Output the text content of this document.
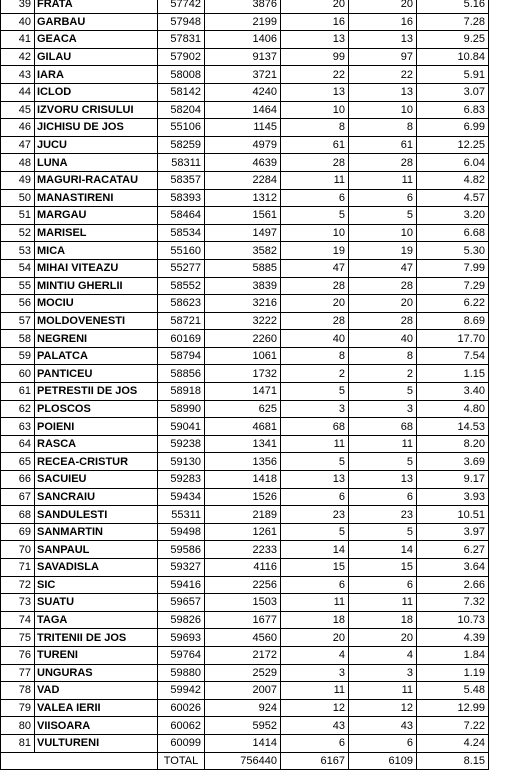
39	FRATA	57742	3876	20	20	5.16
40	GARBAU	57948	2199	16	16	7.28
41	GEACA	57831	1406	13	13	9.25
42	GILAU	57902	9137	99	97	10.84
43	IARA	58008	3721	22	22	5.91
44	ICLOD	58142	4240	13	13	3.07
45	IZVORU CRISULUI	58204	1464	10	10	6.83
46	JICHISU DE JOS	55106	1145	8	8	6.99
47	JUCU	58259	4979	61	61	12.25
48	LUNA	58311	4639	28	28	6.04
49	MAGURI-RACATAU	58357	2284	11	11	4.82
50	MANASTIRENI	58393	1312	6	6	4.57
51	MARGAU	58464	1561	5	5	3.20
52	MARISEL	58534	1497	10	10	6.68
53	MICA	55160	3582	19	19	5.30
54	MIHAI VITEAZU	55277	5885	47	47	7.99
55	MINTIU GHERLII	58552	3839	28	28	7.29
56	MOCIU	58623	3216	20	20	6.22
57	MOLDOVENESTI	58721	3222	28	28	8.69
58	NEGRENI	60169	2260	40	40	17.70
59	PALATCA	58794	1061	8	8	7.54
60	PANTICEU	58856	1732	2	2	1.15
61	PETRESTII DE JOS	58918	1471	5	5	3.40
62	PLOSCOS	58990	625	3	3	4.80
63	POIENI	59041	4681	68	68	14.53
64	RASCA	59238	1341	11	11	8.20
65	RECEA-CRISTUR	59130	1356	5	5	3.69
66	SACUIEU	59283	1418	13	13	9.17
67	SANCRAIU	59434	1526	6	6	3.93
68	SANDULESTI	55311	2189	23	23	10.51
69	SANMARTIN	59498	1261	5	5	3.97
70	SANPAUL	59586	2233	14	14	6.27
71	SAVADISLA	59327	4116	15	15	3.64
72	SIC	59416	2256	6	6	2.66
73	SUATU	59657	1503	11	11	7.32
74	TAGA	59826	1677	18	18	10.73
75	TRITENII DE JOS	59693	4560	20	20	4.39
76	TURENI	59764	2172	4	4	1.84
77	UNGURAS	59880	2529	3	3	1.19
78	VAD	59942	2007	11	11	5.48
79	VALEA IERII	60026	924	12	12	12.99
80	VIISOARA	60062	5952	43	43	7.22
81	VULTURENI	60099	1414	6	6	4.24
		TOTAL	756440	6167	6109	8.15
